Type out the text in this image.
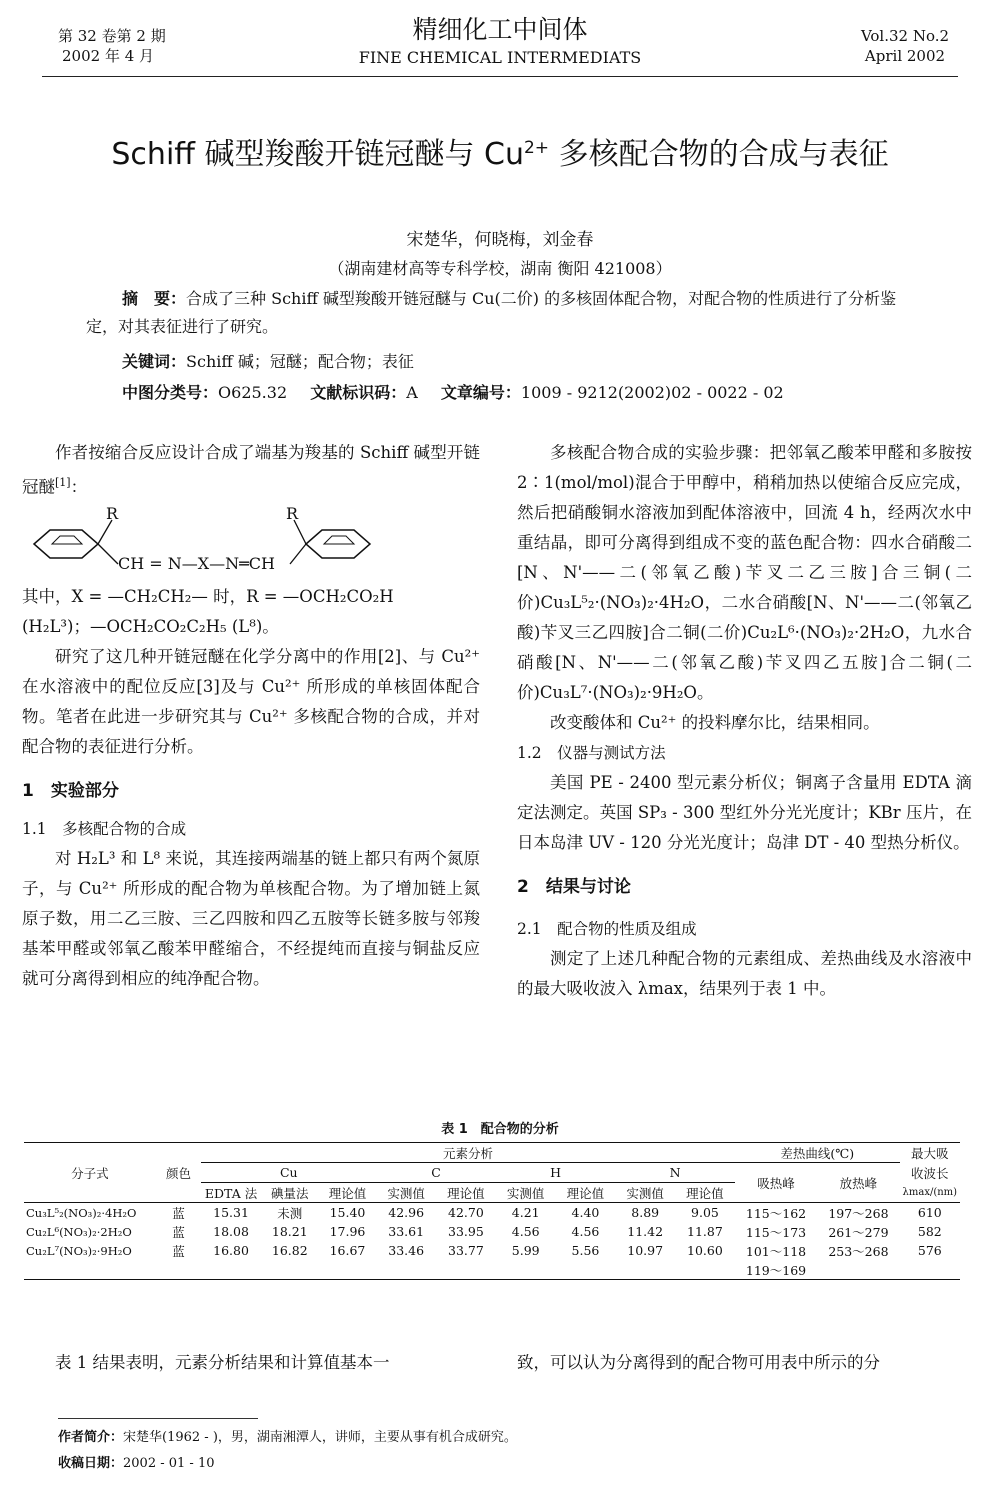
第 32 卷第 2 期
2002 年 4 月
精细化工中间体
FINE CHEMICAL INTERMEDIATS
Vol.32 No.2
April 2002
Schiff 碱型羧酸开链冠醚与 $Cu^{2+}$ 多核配合物的合成与表征
宋楚华，何晓梅，刘金春
（湖南建材高等专科学校，湖南 衡阳 421008）
摘　要：合成了三种 Schiff 碱型羧酸开链冠醚与 Cu(二价) 的多核固体配合物，对配合物的性质进行了分析鉴定，对其表征进行了研究。
关键词：Schiff 碱；冠醚；配合物；表征
中图分类号：O625.32 文献标识码：A 文章编号：1009 - 9212(2002)02 - 0022 - 02

作者按缩合反应设计合成了端基为羧基的 Schiff 碱型开链冠醚[1]：

R	R
CH = N—X—N═CH

其中，X = —CH₂CH₂— 时，R = —OCH₂CO₂H

(H₂L³)；—OCH₂CO₂C₂H₅ (L⁸)。

研究了这几种开链冠醚在化学分离中的作用[2]、与 Cu²⁺ 在水溶液中的配位反应[3]及与 Cu²⁺ 所形成的单核固体配合物。笔者在此进一步研究其与 Cu²⁺ 多核配合物的合成，并对配合物的表征进行分析。

1　实验部分

1.1　多核配合物的合成

对 H₂L³ 和 L⁸ 来说，其连接两端基的链上都只有两个氮原子，与 Cu²⁺ 所形成的配合物为单核配合物。为了增加链上氮原子数，用二乙三胺、三乙四胺和四乙五胺等长链多胺与邻羧基苯甲醛或邻氧乙酸苯甲醛缩合，不经提纯而直接与铜盐反应就可分离得到相应的纯净配合物。

多核配合物合成的实验步骤：把邻氧乙酸苯甲醛和多胺按 2∶1(mol/mol)混合于甲醇中，稍稍加热以使缩合反应完成，然后把硝酸铜水溶液加到配体溶液中，回流 4 h，经两次水中重结晶，即可分离得到组成不变的蓝色配合物：四水合硝酸二[N、N'——二(邻氧乙酸)苄叉二乙三胺]合三铜(二价)Cu₃L⁵₂·(NO₃)₂·4H₂O，二水合硝酸[N、N'——二(邻氧乙酸)苄叉三乙四胺]合二铜(二价)Cu₂L⁶·(NO₃)₂·2H₂O，九水合硝酸[N、N'——二(邻氧乙酸)苄叉四乙五胺]合二铜(二价)Cu₃L⁷·(NO₃)₂·9H₂O。

改变酸体和 Cu²⁺ 的投料摩尔比，结果相同。

1.2　仪器与测试方法

美国 PE - 2400 型元素分析仪；铜离子含量用 EDTA 滴定法测定。英国 SP₃ - 300 型红外分光光度计；KBr 压片，在日本岛津 UV - 120 分光光度计；岛津 DT - 40 型热分析仪。

2　结果与讨论

2.1　配合物的性质及组成

测定了上述几种配合物的元素组成、差热曲线及水溶液中的最大吸收波入 λmax，结果列于表 1 中。

表 1　配合物的分析
分子式	颜色	元素分析									差热曲线(℃)		最大吸
		Cu			C		H		N		吸热峰	放热峰	收波长
		EDTA 法	碘量法	理论值	实测值	理论值	实测值	理论值	实测值	理论值			λmax/(nm)
Cu₃L⁵₂(NO₃)₂·4H₂O	蓝	15.31	未测	15.40	42.96	42.70	4.21	4.40	8.89	9.05	115～162	197～268	610
Cu₂L⁶(NO₃)₂·2H₂O	蓝	18.08	18.21	17.96	33.61	33.95	4.56	4.56	11.42	11.87	115～173	261～279	582
Cu₂L⁷(NO₃)₂·9H₂O	蓝	16.80	16.82	16.67	33.46	33.77	5.99	5.56	10.97	10.60	101～118	253～268	576
											119～169		
表 1 结果表明，元素分析结果和计算值基本一	致，可以认为分离得到的配合物可用表中所示的分
作者简介：宋楚华(1962 - )，男，湖南湘潭人，讲师，主要从事有机合成研究。
收稿日期：2002 - 01 - 10
